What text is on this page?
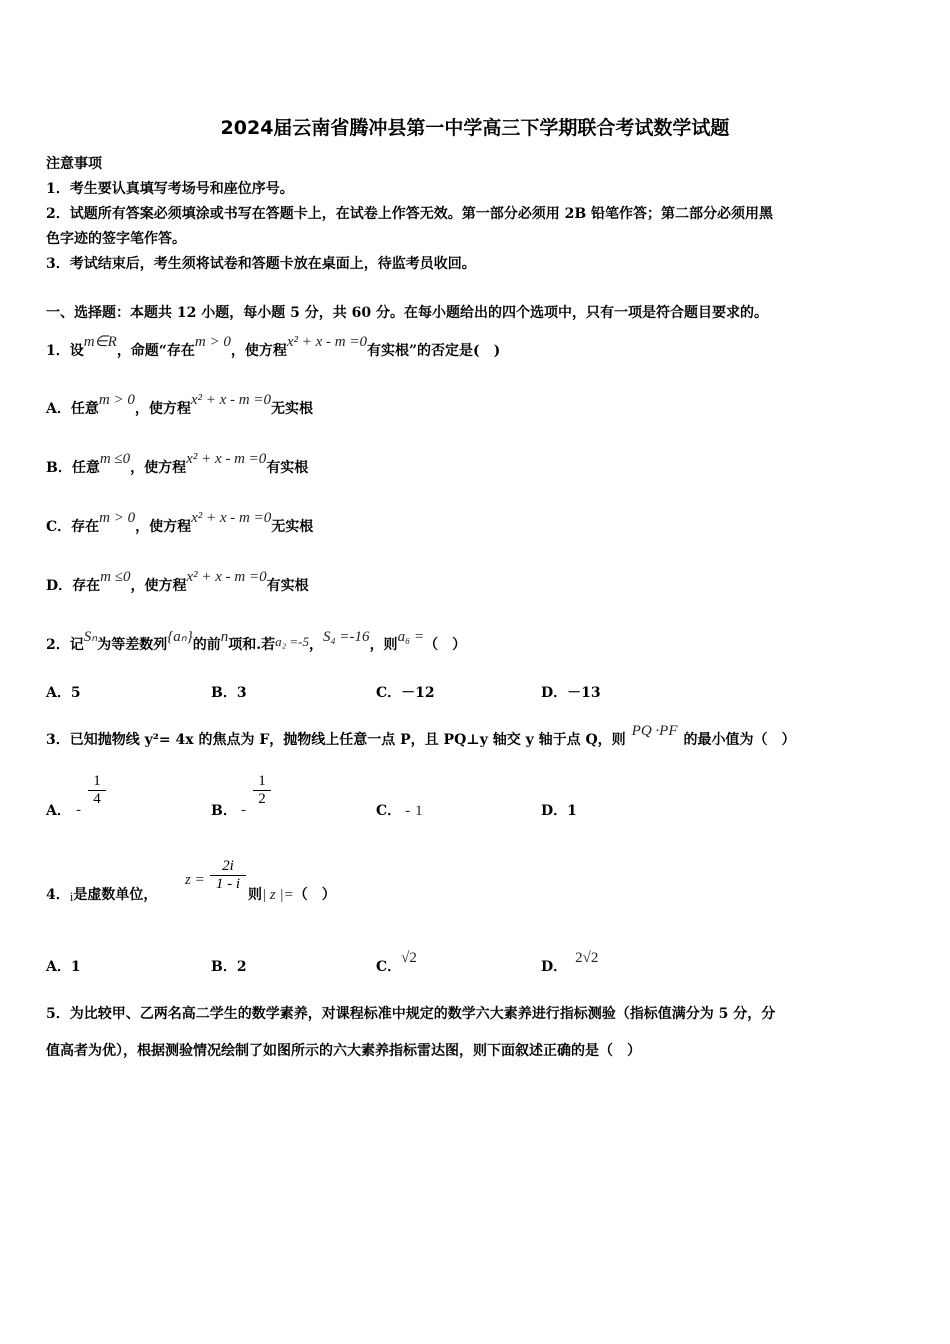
2024届云南省腾冲县第一中学高三下学期联合考试数学试题
注意事项
1．考生要认真填写考场号和座位序号。
2．试题所有答案必须填涂或书写在答题卡上，在试卷上作答无效。第一部分必须用 2B 铅笔作答；第二部分必须用黑
色字迹的签字笔作答。
3．考试结束后，考生须将试卷和答题卡放在桌面上，待监考员收回。
一、选择题：本题共 12 小题，每小题 5 分，共 60 分。在每小题给出的四个选项中，只有一项是符合题目要求的。
1．设m∈R，命题“存在m > 0，使方程x² + x - m =0有实根”的否定是(　)
A．任意m > 0，使方程x² + x - m =0无实根
B．任意m ≤0，使方程x² + x - m =0有实根
C．存在m > 0，使方程x² + x - m =0无实根
D．存在m ≤0，使方程x² + x - m =0有实根
2．记Sₙ为等差数列{aₙ}的前n项和.若a₂ =-5，S₄ =-16，则a₆ =（　）
A．5	B．3	C．－12	D．－13
3．已知抛物线 y²= 4x 的焦点为 F，抛物线上任意一点 P，且 PQ⊥y 轴交 y 轴于点 Q，则PQ ·PF的最小值为（　）
A． -
$\frac{1}{4}$
B． -
$\frac{1}{2}$
C． - 1	D．1
4．i是虚数单位，
$z = \frac{2i}{1 - i}$
则| z |=（　）
A．1	B．2	C．√2
D．2√2
5．为比较甲、乙两名高二学生的数学素养，对课程标准中规定的数学六大素养进行指标测验（指标值满分为 5 分，分
值高者为优），根据测验情况绘制了如图所示的六大素养指标雷达图，则下面叙述正确的是（　）
